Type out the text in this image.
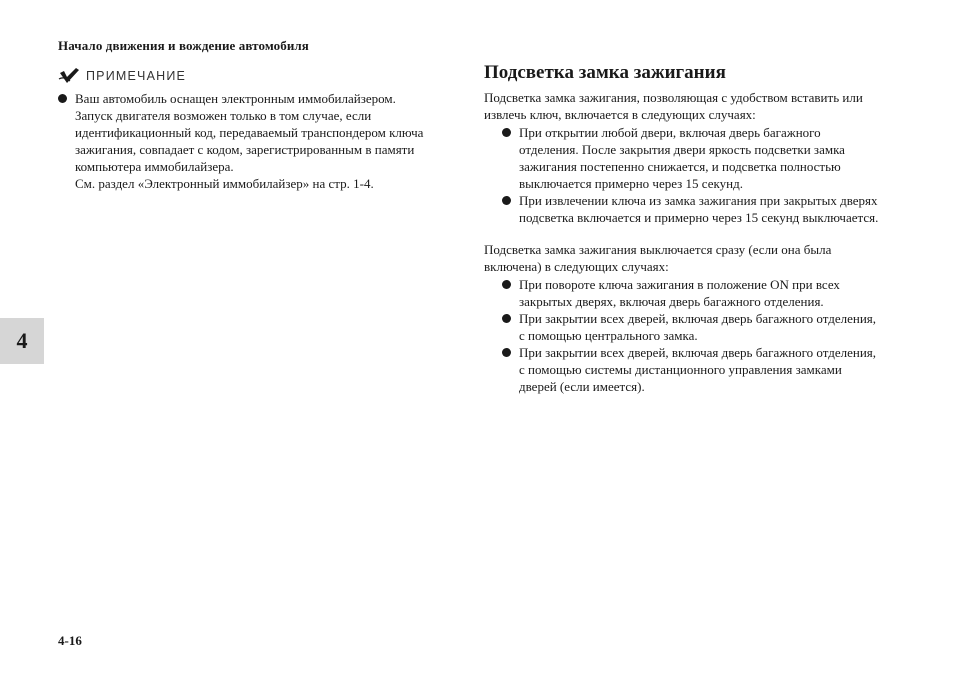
Начало движения и вождение автомобиля
4
ПРИМЕЧАНИЕ
Ваш автомобиль оснащен электронным иммобилайзером.
Запуск двигателя возможен только в том случае, если
идентификационный код, передаваемый транспондером ключа
зажигания, совпадает с кодом, зарегистрированным в памяти
компьютера иммобилайзера.
См. раздел «Электронный иммобилайзер» на стр. 1-4.
Подсветка замка зажигания
Подсветка замка зажигания, позволяющая с удобством вставить или
извлечь ключ, включается в следующих случаях:
При открытии любой двери, включая дверь багажного
отделения. После закрытия двери яркость подсветки замка
зажигания постепенно снижается, и подсветка полностью
выключается примерно через 15 секунд.
При извлечении ключа из замка зажигания при закрытых дверях
подсветка включается и примерно через 15 секунд выключается.
Подсветка замка зажигания выключается сразу (если она была
включена) в следующих случаях:
При повороте ключа зажигания в положение ON при всех
закрытых дверях, включая дверь багажного отделения.
При закрытии всех дверей, включая дверь багажного отделения,
с помощью центрального замка.
При закрытии всех дверей, включая дверь багажного отделения,
с помощью системы дистанционного управления замками
дверей (если имеется).
4-16
